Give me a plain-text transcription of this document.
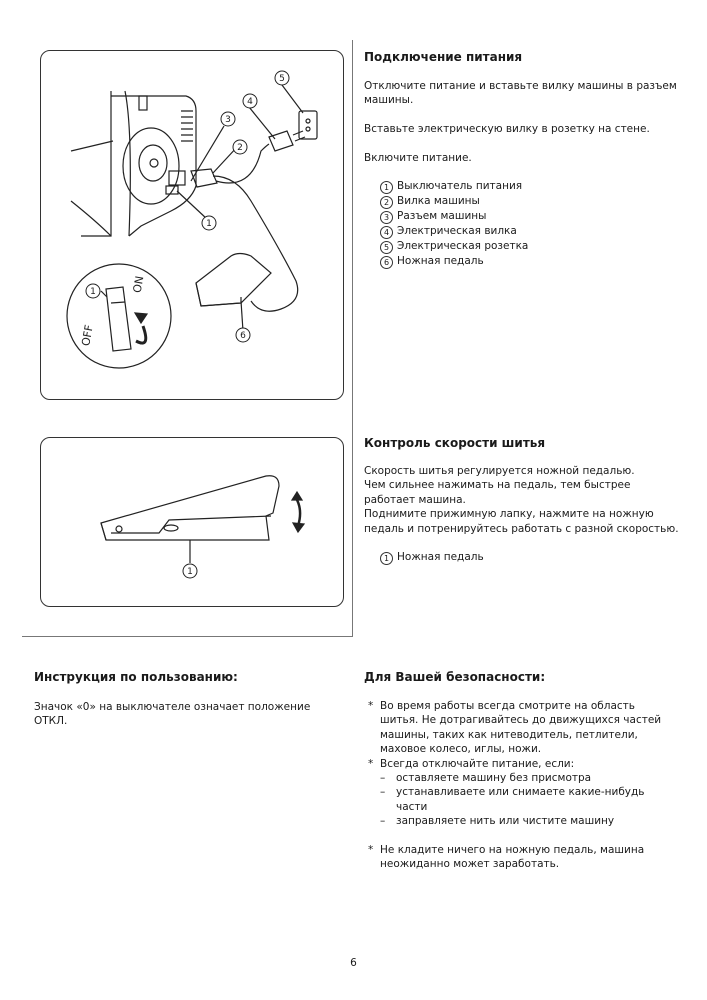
3
2
4
5
1
6
1
OFF
ON
Подключение питания
Отключите питание и вставьте вилку машины в разъем машины.
Вставьте электрическую вилку в розетку на стене.
Включите питание.
1 Выключатель питания
2 Вилка машины
3 Разъем машины
4 Электрическая вилка
5 Электрическая розетка
6 Ножная педаль
1
Контроль скорости шитья
Скорость шитья регулируется ножной педалью.
Чем сильнее нажимать на педаль, тем быстрее работает машина.
Поднимите прижимную лапку, нажмите на ножную педаль и потренируйтесь работать с разной скоростью.
1 Ножная педаль
Инструкция по пользованию:
Значок «0» на выключателе означает положение ОТКЛ.
Для Вашей безопасности:
* Во время работы всегда смотрите на область шитья. Не дотрагивайтесь до движущихся частей машины, таких как нитеводитель, петлители, маховое колесо, иглы, ножи.
* Всегда отключайте питание, если:
–	оставляете машину без присмотра
–	устанавливаете или снимаете какие-нибудь части
–	заправляете нить или чистите машину
* Не кладите ничего на ножную педаль, машина неожиданно может заработать.
6
